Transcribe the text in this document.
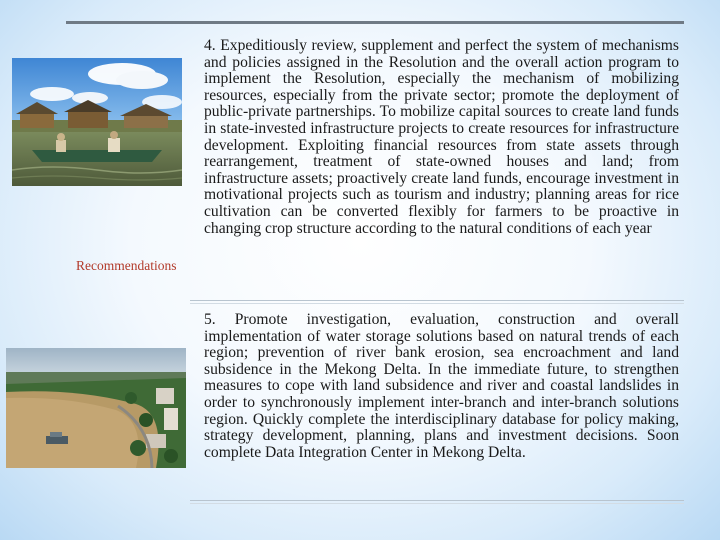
4. Expeditiously review, supplement and perfect the system of mechanisms and policies assigned in the Resolution and the overall action program to implement the Resolution, especially the mechanism of mobilizing resources, especially from the private sector; promote the deployment of public-private partnerships. To mobilize capital sources to create land funds in state-invested infrastructure projects to create resources for infrastructure development. Exploiting financial resources from state assets through rearrangement, treatment of state-owned houses and land; from infrastructure assets; proactively create land funds, encourage investment in motivational projects such as tourism and industry; planning areas for rice cultivation can be converted flexibly for farmers to be proactive in changing crop structure according to the natural conditions of each year

Recommendations

5. Promote investigation, evaluation, construction and overall implementation of water storage solutions based on natural trends of each region; prevention of river bank erosion, sea encroachment and land subsidence in the Mekong Delta. In the immediate future, to strengthen measures to cope with land subsidence and river and coastal landslides in order to synchronously implement inter-branch and inter-branch solutions region. Quickly complete the interdisciplinary database for policy making, strategy development, planning, plans and investment decisions. Soon complete Data Integration Center in Mekong Delta.
